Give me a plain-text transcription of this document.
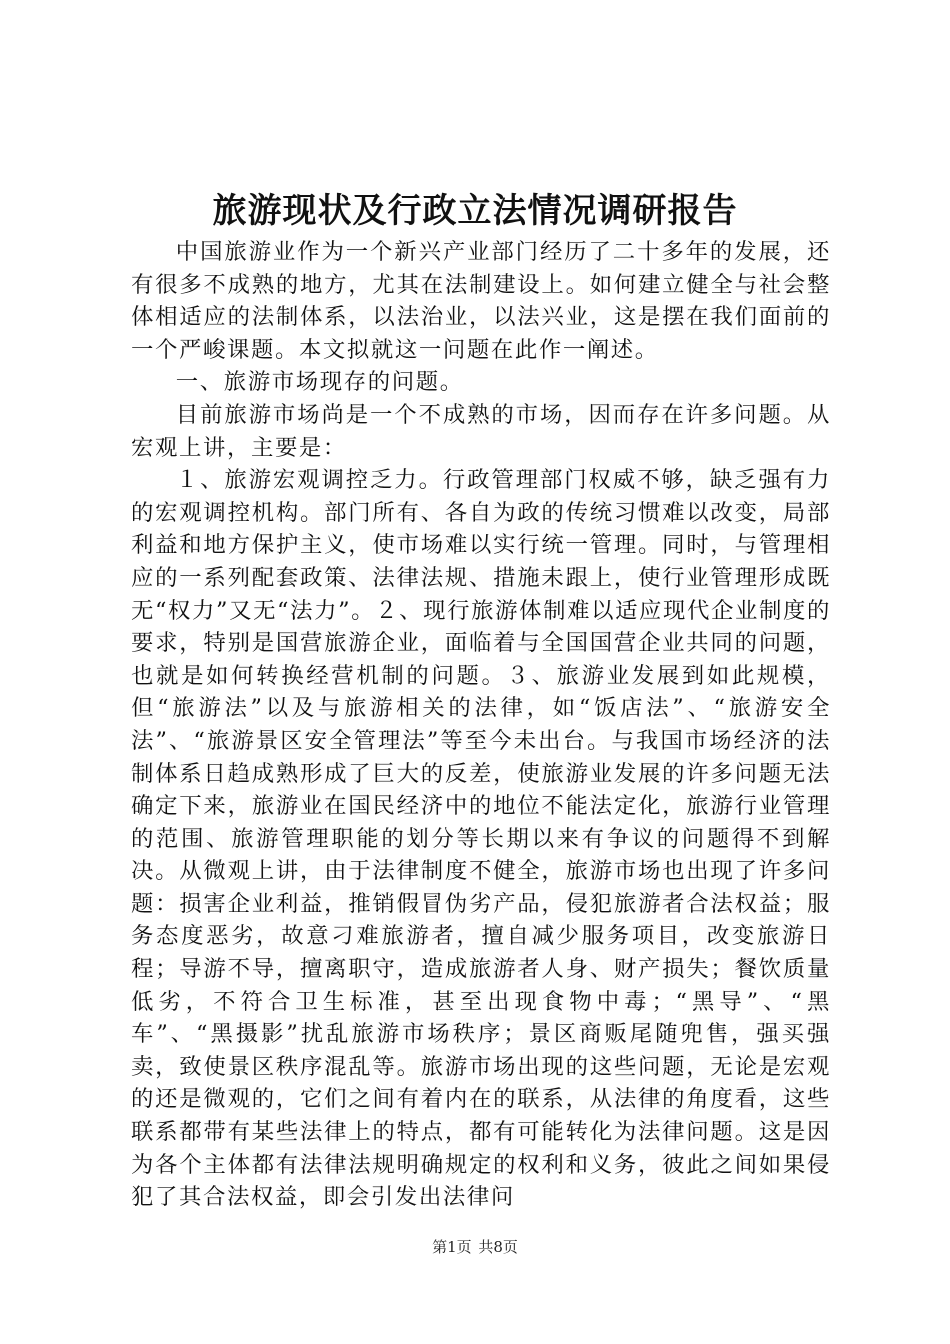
旅游现状及行政立法情况调研报告

中国旅游业作为一个新兴产业部门经历了二十多年的发展，还有很多不成熟的地方，尤其在法制建设上。如何建立健全与社会整体相适应的法制体系，以法治业，以法兴业，这是摆在我们面前的一个严峻课题。本文拟就这一问题在此作一阐述。

一、旅游市场现存的问题。

目前旅游市场尚是一个不成熟的市场，因而存在许多问题。从宏观上讲，主要是：

１、旅游宏观调控乏力。行政管理部门权威不够，缺乏强有力的宏观调控机构。部门所有、各自为政的传统习惯难以改变，局部利益和地方保护主义，使市场难以实行统一管理。同时，与管理相应的一系列配套政策、法律法规、措施未跟上，使行业管理形成既无“权力”又无“法力”。２、现行旅游体制难以适应现代企业制度的要求，特别是国营旅游企业，面临着与全国国营企业共同的问题，也就是如何转换经营机制的问题。３、旅游业发展到如此规模，但“旅游法”以及与旅游相关的法律，如“饭店法”、“旅游安全法”、“旅游景区安全管理法”等至今未出台。与我国市场经济的法制体系日趋成熟形成了巨大的反差，使旅游业发展的许多问题无法确定下来，旅游业在国民经济中的地位不能法定化，旅游行业管理的范围、旅游管理职能的划分等长期以来有争议的问题得不到解决。从微观上讲，由于法律制度不健全，旅游市场也出现了许多问题：损害企业利益，推销假冒伪劣产品，侵犯旅游者合法权益；服务态度恶劣，故意刁难旅游者，擅自减少服务项目，改变旅游日程；导游不导，擅离职守，造成旅游者人身、财产损失；餐饮质量低劣，不符合卫生标准，甚至出现食物中毒；“黑导”、“黑车”、“黑摄影”扰乱旅游市场秩序；景区商贩尾随兜售，强买强卖，致使景区秩序混乱等。旅游市场出现的这些问题，无论是宏观的还是微观的，它们之间有着内在的联系，从法律的角度看，这些联系都带有某些法律上的特点，都有可能转化为法律问题。这是因为各个主体都有法律法规明确规定的权利和义务，彼此之间如果侵犯了其合法权益，即会引发出法律问

第1页 共8页
